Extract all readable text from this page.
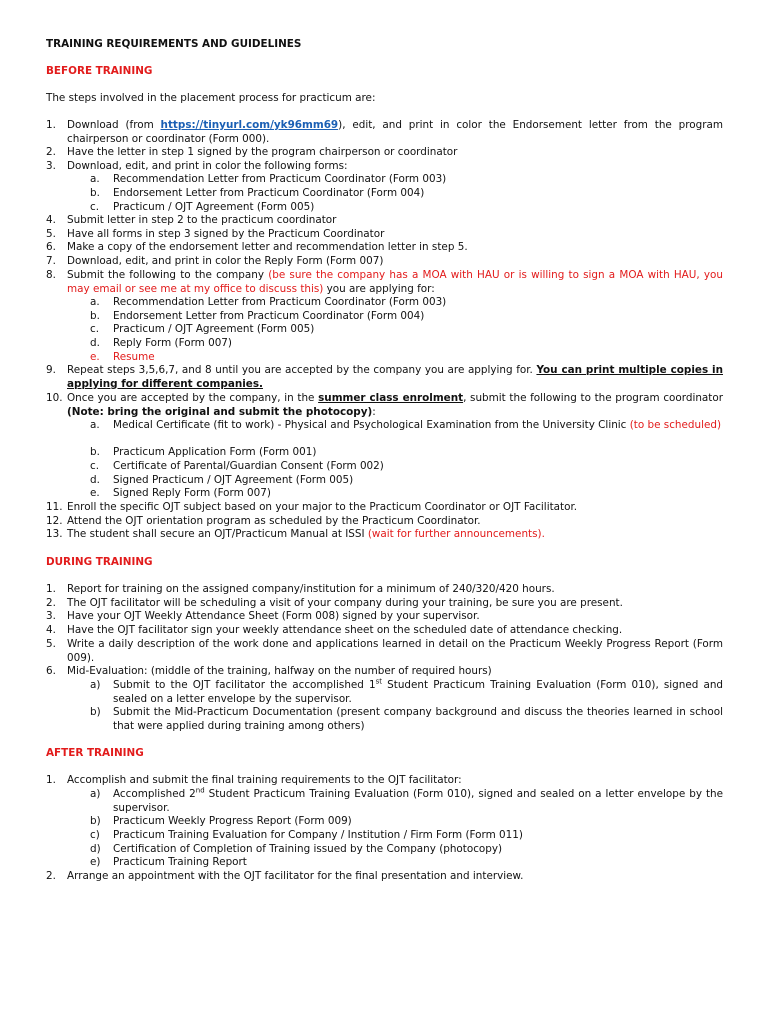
TRAINING REQUIREMENTS AND GUIDELINES
BEFORE TRAINING
The steps involved in the placement process for practicum are:
1.	Download (from https://tinyurl.com/yk96mm69), edit, and print in color the Endorsement letter from the program chairperson or coordinator (Form 000).
2.	Have the letter in step 1 signed by the program chairperson or coordinator
3.	Download, edit, and print in color the following forms:
a.	Recommendation Letter from Practicum Coordinator (Form 003)
b.	Endorsement Letter from Practicum Coordinator (Form 004)
c.	Practicum / OJT Agreement (Form 005)
4.	Submit letter in step 2 to the practicum coordinator
5.	Have all forms in step 3 signed by the Practicum Coordinator
6.	Make a copy of the endorsement letter and recommendation letter in step 5.
7.	Download, edit, and print in color the Reply Form (Form 007)
8.	Submit the following to the company (be sure the company has a MOA with HAU or is willing to sign a MOA with HAU, you may email or see me at my office to discuss this) you are applying for:
a.	Recommendation Letter from Practicum Coordinator (Form 003)
b.	Endorsement Letter from Practicum Coordinator (Form 004)
c.	Practicum / OJT Agreement (Form 005)
d.	Reply Form (Form 007)
e.	Resume
9.	Repeat steps 3,5,6,7, and 8 until you are accepted by the company you are applying for. You can print multiple copies in applying for different companies.
10. Once you are accepted by the company, in the summer class enrolment, submit the following to the program coordinator (Note: bring the original and submit the photocopy):
a.	Medical Certificate (fit to work) - Physical and Psychological Examination from the University Clinic (to be scheduled)
b.	Practicum Application Form (Form 001)
c.	Certificate of Parental/Guardian Consent (Form 002)
d.	Signed Practicum / OJT Agreement (Form 005)
e.	Signed Reply Form (Form 007)
11. Enroll the specific OJT subject based on your major to the Practicum Coordinator or OJT Facilitator.
12. Attend the OJT orientation program as scheduled by the Practicum Coordinator.
13. The student shall secure an OJT/Practicum Manual at ISSI (wait for further announcements).
DURING TRAINING
1.	Report for training on the assigned company/institution for a minimum of 240/320/420 hours.
2.	The OJT facilitator will be scheduling a visit of your company during your training, be sure you are present.
3.	Have your OJT Weekly Attendance Sheet (Form 008) signed by your supervisor.
4.	Have the OJT facilitator sign your weekly attendance sheet on the scheduled date of attendance checking.
5.	Write a daily description of the work done and applications learned in detail on the Practicum Weekly Progress Report (Form 009).
6.	Mid-Evaluation: (middle of the training, halfway on the number of required hours)
a)	Submit to the OJT facilitator the accomplished 1st Student Practicum Training Evaluation (Form 010), signed and sealed on a letter envelope by the supervisor.
b)	Submit the Mid-Practicum Documentation (present company background and discuss the theories learned in school that were applied during training among others)
AFTER TRAINING
1.	Accomplish and submit the final training requirements to the OJT facilitator:
a)	Accomplished 2nd Student Practicum Training Evaluation (Form 010), signed and sealed on a letter envelope by the supervisor.
b)	Practicum Weekly Progress Report (Form 009)
c)	Practicum Training Evaluation for Company / Institution / Firm Form (Form 011)
d)	Certification of Completion of Training issued by the Company (photocopy)
e)	Practicum Training Report
2.	Arrange an appointment with the OJT facilitator for the final presentation and interview.
